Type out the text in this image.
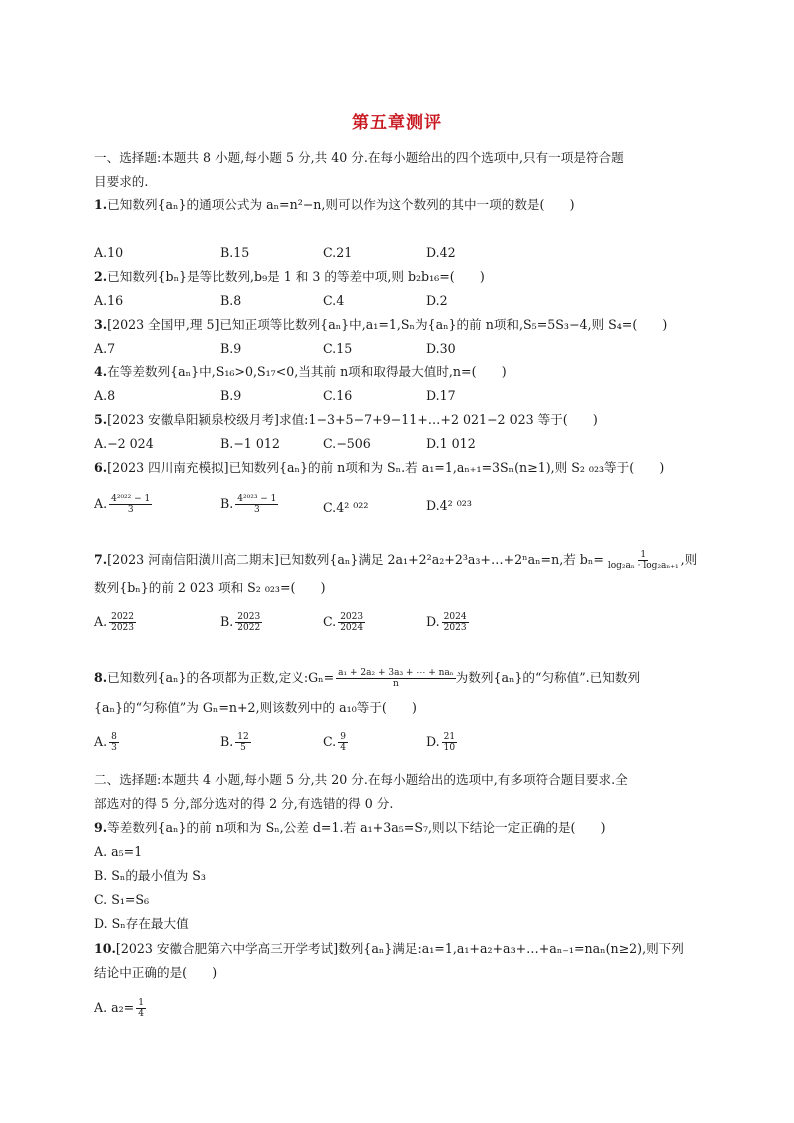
第五章测评
一、选择题:本题共 8 小题,每小题 5 分,共 40 分.在每小题给出的四个选项中,只有一项是符合题
目要求的.
1.已知数列{aₙ}的通项公式为 aₙ=n²−n,则可以作为这个数列的其中一项的数是(　　)
A.10	B.15	C.21	D.42
2.已知数列{bₙ}是等比数列,b₉是 1 和 3 的等差中项,则 b₂b₁₆=(　　)
A.16	B.8	C.4	D.2
3.[2023 全国甲,理 5]已知正项等比数列{aₙ}中,a₁=1,Sₙ为{aₙ}的前 n项和,S₅=5S₃−4,则 S₄=(　　)
A.7	B.9	C.15	D.30
4.在等差数列{aₙ}中,S₁₆>0,S₁₇<0,当其前 n项和取得最大值时,n=(　　)
A.8	B.9	C.16	D.17
5.[2023 安徽阜阳颍泉校级月考]求值:1−3+5−7+9−11+…+2 021−2 023 等于(　　)
A.−2 024	B.−1 012	C.−506	D.1 012
6.[2023 四川南充模拟]已知数列{aₙ}的前 n项和为 Sₙ.若 a₁=1,aₙ₊₁=3Sₙ(n≥1),则 S₂ ₀₂₃等于(　　)
A. $\frac{\text{4²⁰²² − 1}}{3}$	B. $\frac{\text{4²⁰²³ − 1}}{3}$	C.4² ⁰²²	D.4² ⁰²³
7.[2023 河南信阳潢川高二期末]已知数列{aₙ}满足 2a₁+2²a₂+2³a₃+…+2ⁿaₙ=n,若 $b_n= \frac{1}{\text{log₂aₙ · log₂aₙ₊₁}}$ ,则
数列{bₙ}的前 2 023 项和 S₂ ₀₂₃=(　　)
A. $\frac{2022}{2023}$	B. $\frac{2023}{2022}$	C. $\frac{2023}{2024}$	D. $\frac{2024}{2023}$
8.已知数列{aₙ}的各项都为正数,定义:Gₙ= $\frac{\text{a₁ + 2a₂ + 3a₃ + ⋯ + naₙ}}{n}$ 为数列{aₙ}的“匀称值”.已知数列
{aₙ}的“匀称值”为 Gₙ=n+2,则该数列中的 a₁₀等于(　　)
A. $\frac{8}{3}$	B. $\frac{12}{5}$	C. $\frac{9}{4}$	D. $\frac{21}{10}$
二、选择题:本题共 4 小题,每小题 5 分,共 20 分.在每小题给出的选项中,有多项符合题目要求.全
部选对的得 5 分,部分选对的得 2 分,有选错的得 0 分.
9.等差数列{aₙ}的前 n项和为 Sₙ,公差 d=1.若 a₁+3a₅=S₇,则以下结论一定正确的是(　　)
A. a₅=1
B. Sₙ的最小值为 S₃
C. S₁=S₆
D. Sₙ存在最大值
10.[2023 安徽合肥第六中学高三开学考试]数列{aₙ}满足:a₁=1,a₁+a₂+a₃+…+aₙ₋₁=naₙ(n≥2),则下列
结论中正确的是(　　)
A. $a_2= \frac{1}{4}$
